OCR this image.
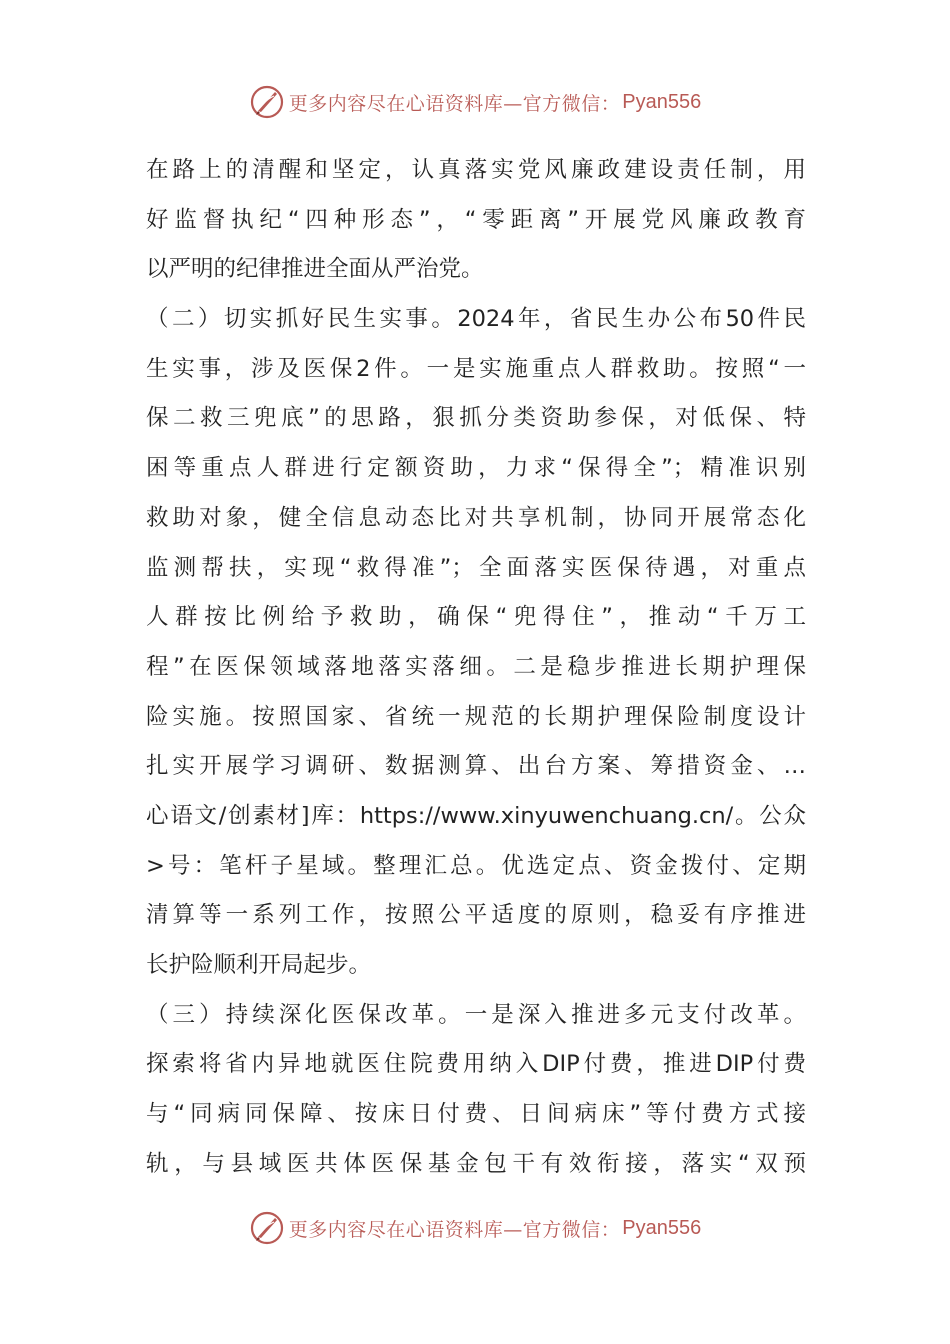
更多内容尽在心语资料库—官方微信： Pyan556
在路上的清醒和坚定，认真落实党风廉政建设责任制，用
好监督执纪“四种形态”，“零距离”开展党风廉政教育
以严明的纪律推进全面从严治党。
（二）切实抓好民生实事。2024年，省民生办公布50件民
生实事，涉及医保2件。一是实施重点人群救助。按照“一
保二救三兜底”的思路，狠抓分类资助参保，对低保、特
困等重点人群进行定额资助，力求“保得全”；精准识别
救助对象，健全信息动态比对共享机制，协同开展常态化
监测帮扶，实现“救得准”；全面落实医保待遇，对重点
人群按比例给予救助，确保“兜得住”，推动“千万工
程”在医保领域落地落实落细。二是稳步推进长期护理保
险实施。按照国家、省统一规范的长期护理保险制度设计
扎实开展学习调研、数据测算、出台方案、筹措资金、…
心语文/创素材]库：https://www.xinyuwenchuang.cn/。公众
>号：笔杆子星域。整理汇总。优选定点、资金拨付、定期
清算等一系列工作，按照公平适度的原则，稳妥有序推进
长护险顺利开局起步。
（三）持续深化医保改革。一是深入推进多元支付改革。
探索将省内异地就医住院费用纳入DIP付费，推进DIP付费
与“同病同保障、按床日付费、日间病床”等付费方式接
轨，与县域医共体医保基金包干有效衔接，落实“双预
更多内容尽在心语资料库—官方微信： Pyan556
